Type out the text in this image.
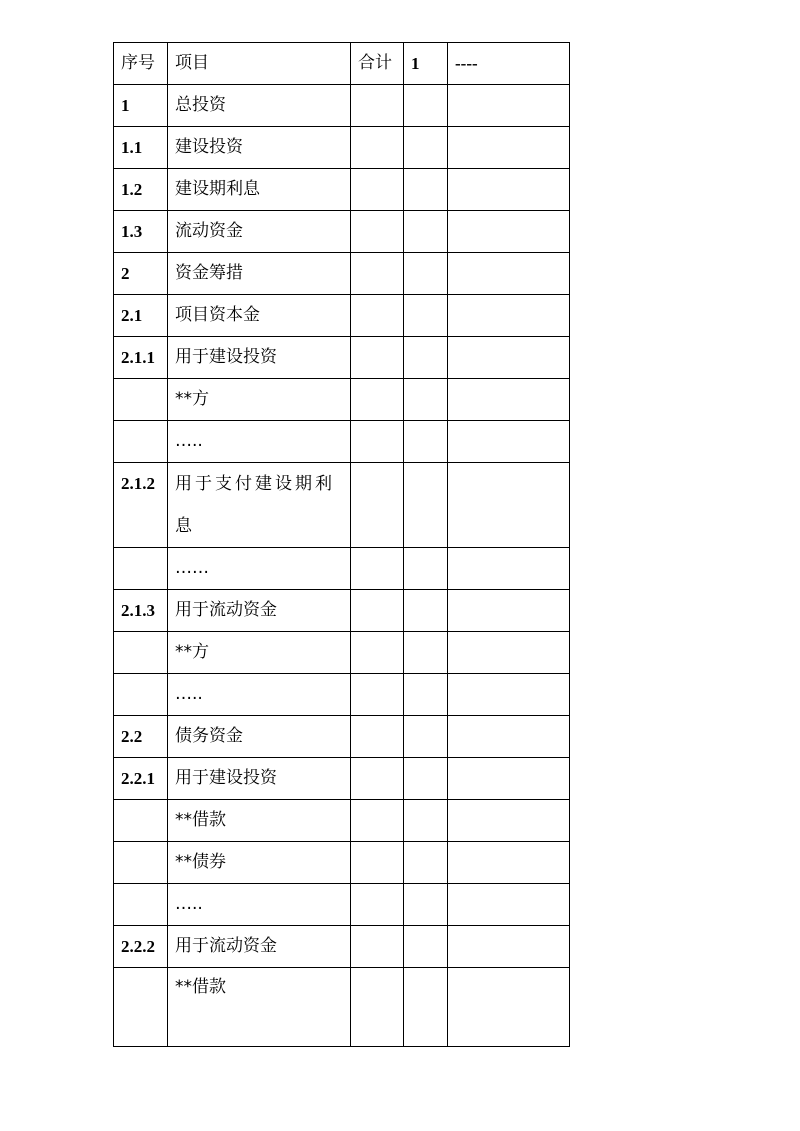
序号	项目	合计	1	----
1	总投资			
1.1	建设投资			
1.2	建设期利息			
1.3	流动资金			
2	资金筹措			
2.1	项目资本金			
2.1.1	用于建设投资			
	**方			
	…..			
2.1.2	用于支付建设期利息			

	……			
2.1.3	用于流动资金			
	**方			
	…..			
2.2	债务资金			
2.2.1	用于建设投资			
	**借款			
	**债券			
	…..			
2.2.2	用于流动资金			
	**借款			
